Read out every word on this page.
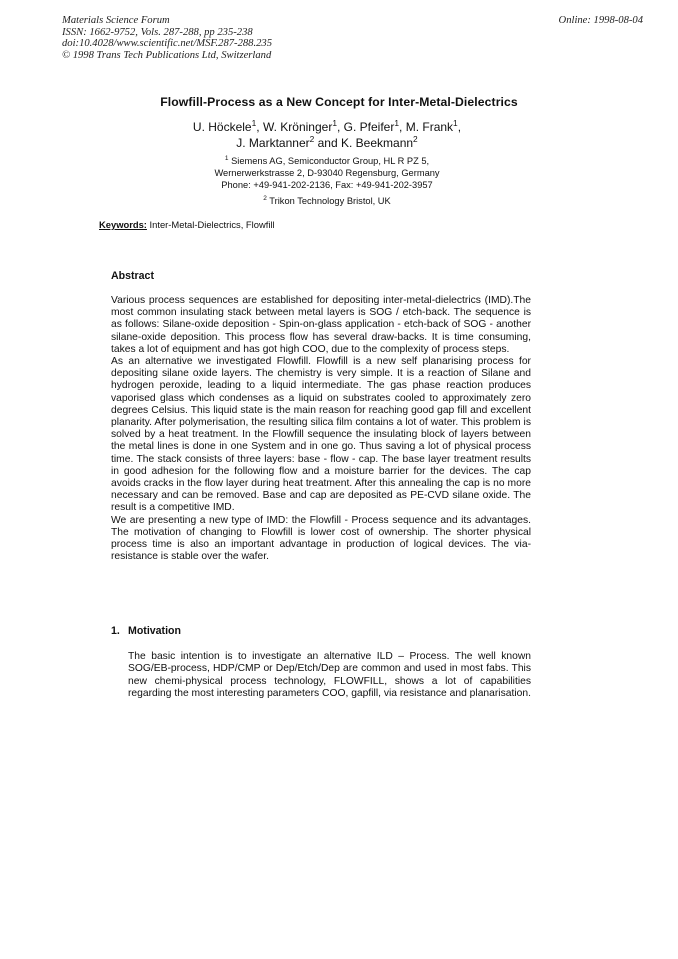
Materials Science Forum
ISSN: 1662-9752, Vols. 287-288, pp 235-238
doi:10.4028/www.scientific.net/MSF.287-288.235
© 1998 Trans Tech Publications Ltd, Switzerland
Online: 1998-08-04
Flowfill-Process as a New Concept for Inter-Metal-Dielectrics
U. Höckele$^1$, W. Kröninger$^1$, G. Pfeifer$^1$, M. Frank$^1$,
J. Marktanner$^2$ and K. Beekmann$^2$
$^1$ Siemens AG, Semiconductor Group, HL R PZ 5,
Wernerwerkstrasse 2, D-93040 Regensburg, Germany
Phone: +49-941-202-2136, Fax: +49-941-202-3957
$^2$ Trikon Technology Bristol, UK
Keywords: Inter-Metal-Dielectrics, Flowfill
Abstract

Various process sequences are established for depositing inter-metal-dielectrics (IMD).The most common insulating stack between metal layers is SOG / etch-back. The sequence is as follows: Silane-oxide deposition - Spin-on-glass application - etch-back of SOG - another silane-oxide deposition. This process flow has several draw-backs. It is time consuming, takes a lot of equipment and has got high COO, due to the complexity of process steps.

As an alternative we investigated Flowfill. Flowfill is a new self planarising process for depositing silane oxide layers. The chemistry is very simple. It is a reaction of Silane and hydrogen peroxide, leading to a liquid intermediate. The gas phase reaction produces vaporised glass which condenses as a liquid on substrates cooled to approximately zero degrees Celsius. This liquid state is the main reason for reaching good gap fill and excellent planarity. After polymerisation, the resulting silica film contains a lot of water. This problem is solved by a heat treatment. In the Flowfill sequence the insulating block of layers between the metal lines is done in one System and in one go. Thus saving a lot of physical process time. The stack consists of three layers: base - flow - cap. The base layer treatment results in good adhesion for the following flow and a moisture barrier for the devices. The cap avoids cracks in the flow layer during heat treatment. After this annealing the cap is no more necessary and can be removed. Base and cap are deposited as PE-CVD silane oxide. The result is a competitive IMD.

We are presenting a new type of IMD: the Flowfill - Process sequence and its advantages. The motivation of changing to Flowfill is lower cost of ownership. The shorter physical process time is also an important advantage in production of logical devices. The via-resistance is stable over the wafer.

1. Motivation

The basic intention is to investigate an alternative ILD – Process. The well known SOG/EB-process, HDP/CMP or Dep/Etch/Dep are common and used in most fabs. This new chemi-physical process technology, FLOWFILL, shows a lot of capabilities regarding the most interesting parameters COO, gapfill, via resistance and planarisation.
